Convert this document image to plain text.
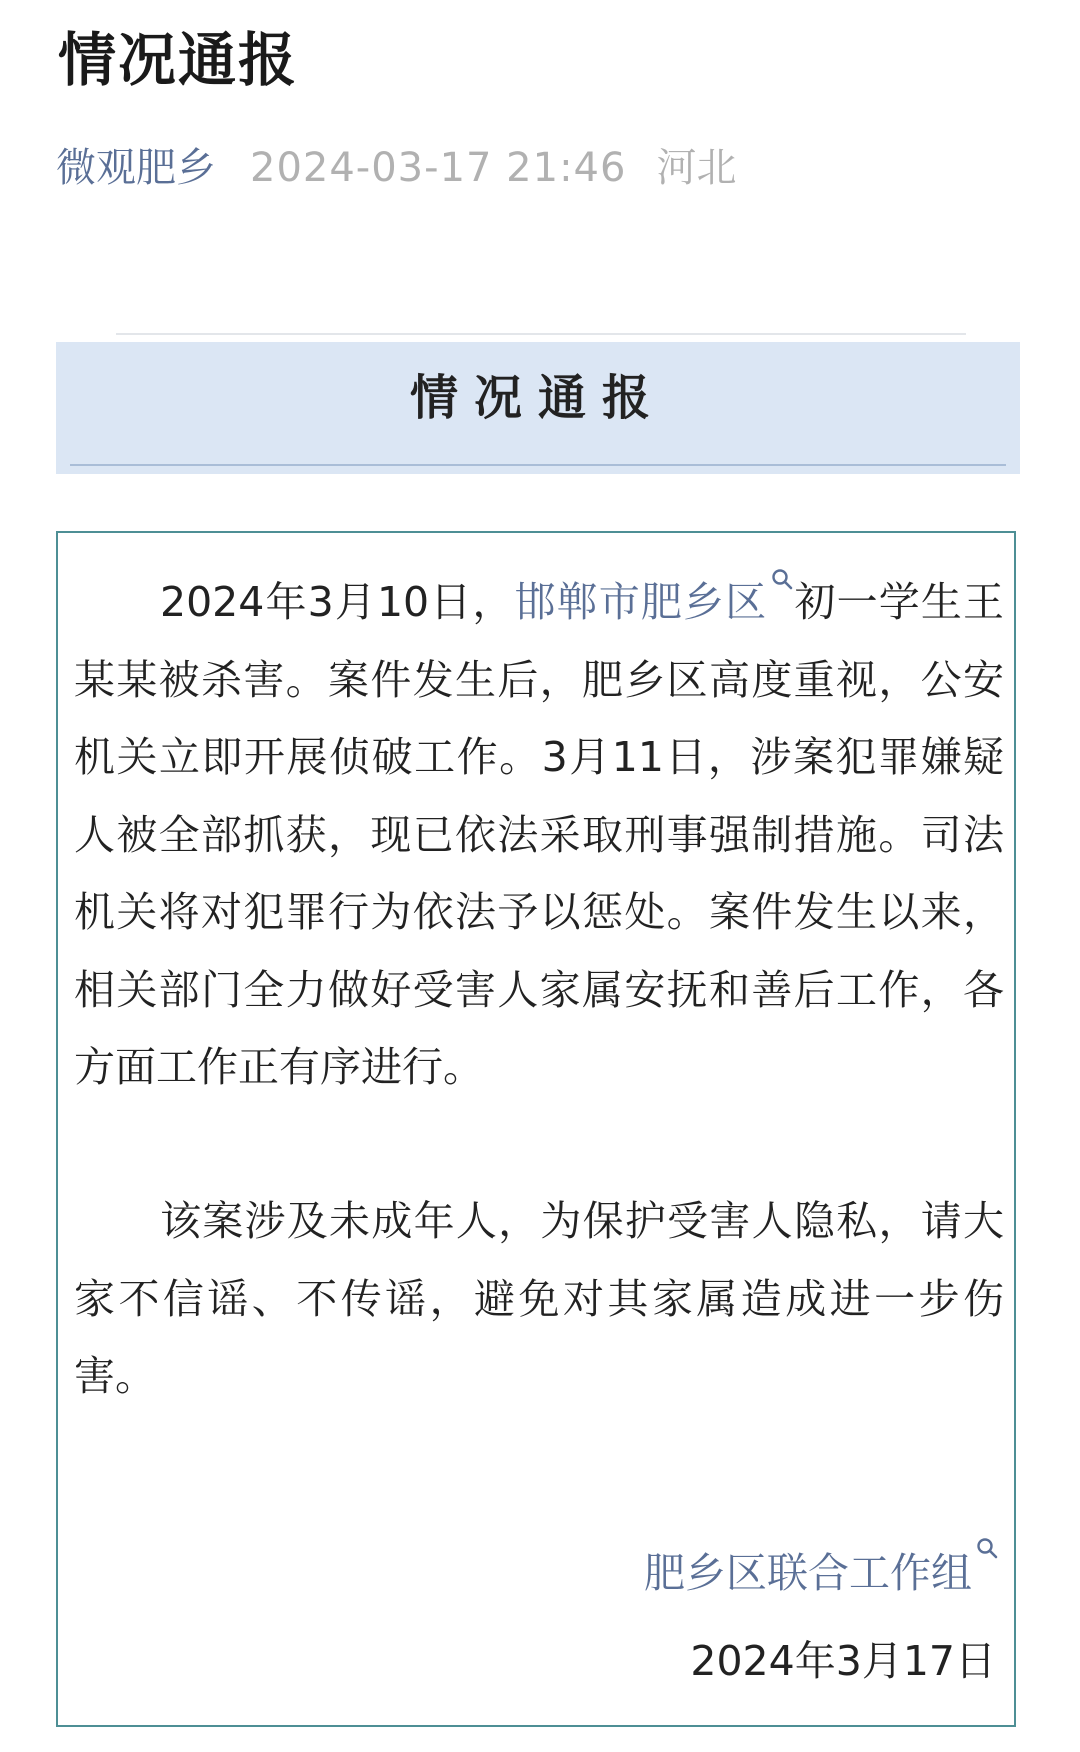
情况通报
微观肥乡 2024-03-17 21:46 河北
情况通报

2024年3月10日，邯郸市肥乡区 初一学生王某某被杀害。案件发生后，肥乡区高度重视，公安机关立即开展侦破工作。3月11日，涉案犯罪嫌疑人被全部抓获，现已依法采取刑事强制措施。司法机关将对犯罪行为依法予以惩处。案件发生以来，相关部门全力做好受害人家属安抚和善后工作，各方面工作正有序进行。

该案涉及未成年人，为保护受害人隐私，请大家不信谣、不传谣，避免对其家属造成进一步伤害。

肥乡区联合工作组
2024年3月17日
